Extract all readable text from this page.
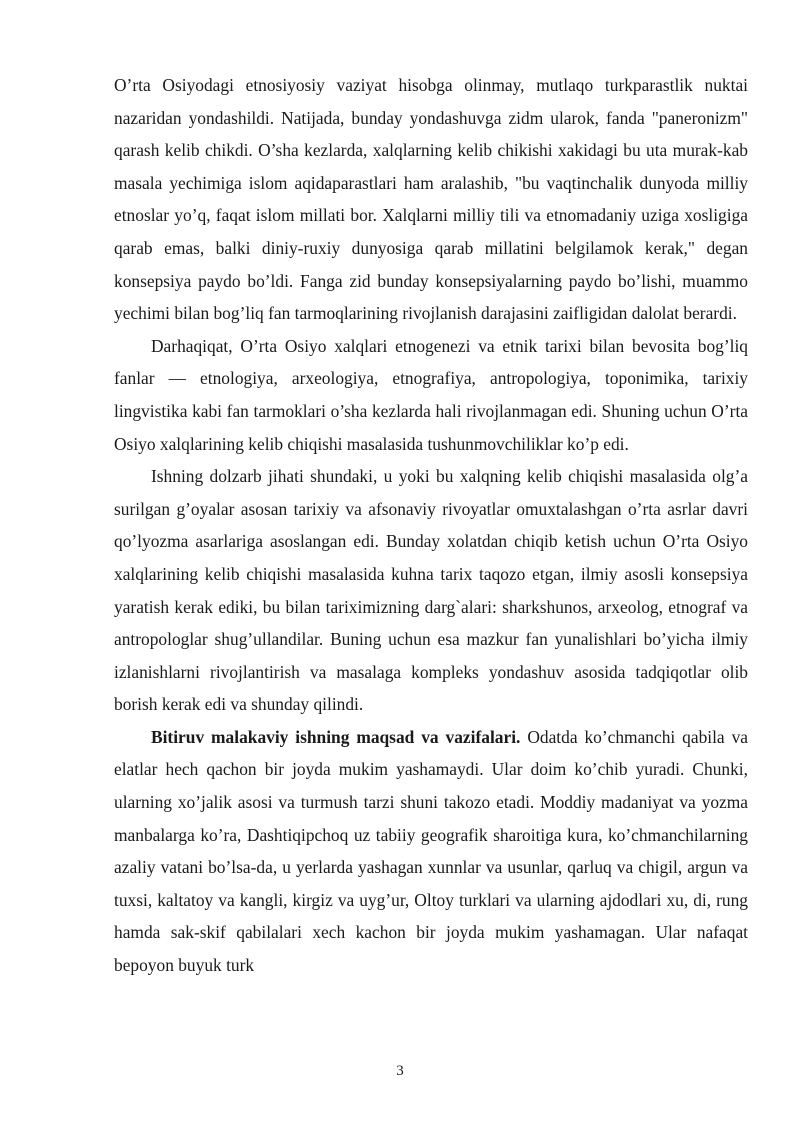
O’rta Osiyodagi etnosiyosiy vaziyat hisobga olinmay, mutlaqo turkparastlik nuktai nazaridan yondashildi. Natijada, bunday yondashuvga zidm ularok, fanda "paneronizm" qarash kelib chikdi. O’sha kezlarda, xalqlarning kelib chikishi xakidagi bu uta murak-kab masala yechimiga islom aqidaparastlari ham aralashib, "bu vaqtinchalik dunyoda milliy etnoslar yo’q, faqat islom millati bor. Xalqlarni milliy tili va etnomadaniy uziga xosligiga qarab emas, balki diniy-ruxiy dunyosiga qarab millatini belgilamok kerak," degan konsepsiya paydo bo’ldi. Fanga zid bunday konsepsiyalarning paydo bo’lishi, muammo yechimi bilan bog’liq fan tarmoqlarining rivojlanish darajasini zaifligidan dalolat berardi.

Darhaqiqat, O’rta Osiyo xalqlari etnogenezi va etnik tarixi bilan bevosita bog’liq fanlar — etnologiya, arxeologiya, etnografiya, antropologiya, toponimika, tarixiy lingvistika kabi fan tarmoklari o’sha kezlarda hali rivojlanmagan edi. Shuning uchun O’rta Osiyo xalqlarining kelib chiqishi masalasida tushunmovchiliklar ko’p edi.

Ishning dolzarb jihati shundaki, u yoki bu xalqning kelib chiqishi masalasida olg’a surilgan g’oyalar asosan tarixiy va afsonaviy rivoyatlar omuxtalashgan o’rta asrlar davri qo’lyozma asarlariga asoslangan edi. Bunday xolatdan chiqib ketish uchun O’rta Osiyo xalqlarining kelib chiqishi masalasida kuhna tarix taqozo etgan, ilmiy asosli konsepsiya yaratish kerak ediki, bu bilan tariximizning darg`alari: sharkshunos, arxeolog, etnograf va antropologlar shug’ullandilar. Buning uchun esa mazkur fan yunalishlari bo’yicha ilmiy izlanishlarni rivojlantirish va masalaga kompleks yondashuv asosida tadqiqotlar olib borish kerak edi va shunday qilindi.

Bitiruv malakaviy ishning maqsad va vazifalari. Odatda ko’chmanchi qabila va elatlar hech qachon bir joyda mukim yashamaydi. Ular doim ko’chib yuradi. Chunki, ularning xo’jalik asosi va turmush tarzi shuni takozo etadi. Moddiy madaniyat va yozma manbalarga ko’ra, Dashtiqipchoq uz tabiiy geografik sharoitiga kura, ko’chmanchilarning azaliy vatani bo’lsa-da, u yerlarda yashagan xunnlar va usunlar, qarluq va chigil, argun va tuxsi, kaltatoy va kangli, kirgiz va uyg’ur, Oltoy turklari va ularning ajdodlari xu, di, rung hamda sak-skif qabilalari xech kachon bir joyda mukim yashamagan. Ular nafaqat bepoyon buyuk turk

3
